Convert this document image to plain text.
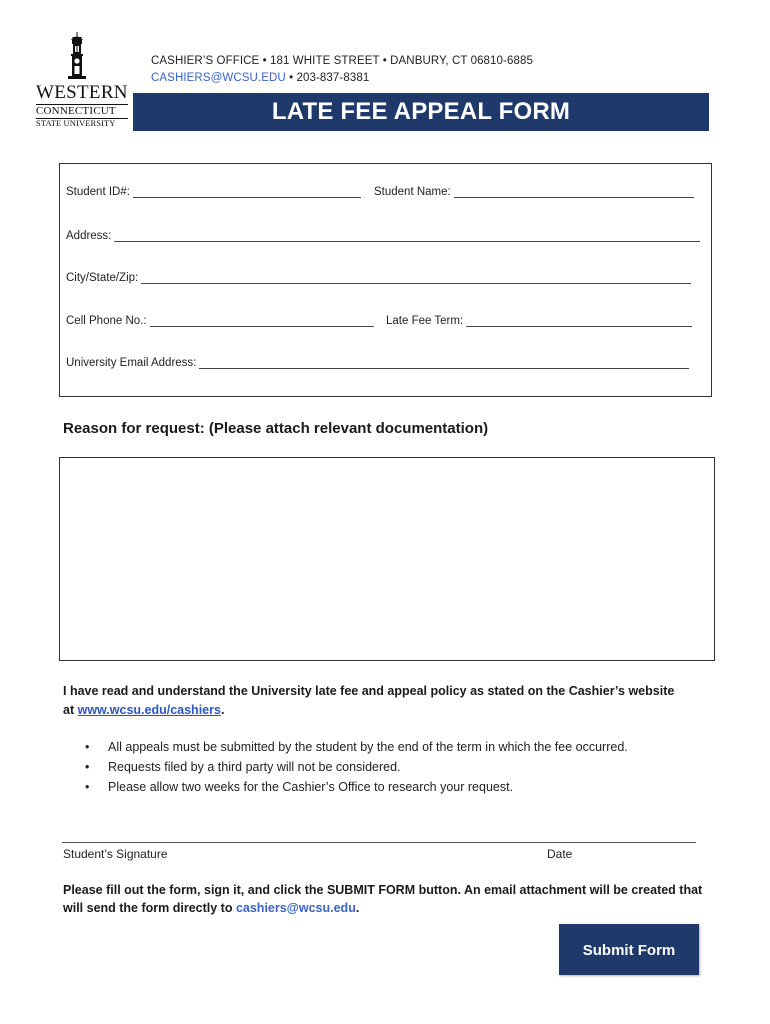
WESTERN
CONNECTICUT
STATE UNIVERSITY
CASHIER’S OFFICE • 181 WHITE STREET • DANBURY, CT 06810-6885
CASHIERS@WCSU.EDU • 203-837-8381
LATE FEE APPEAL FORM
Student ID#:	Student Name:
Address:
City/State/Zip:
Cell Phone No.:	Late Fee Term:
University Email Address:
Reason for request: (Please attach relevant documentation)
I have read and understand the University late fee and appeal policy as stated on the Cashier’s website at www.wcsu.edu/cashiers.
•	All appeals must be submitted by the student by the end of the term in which the fee occurred.
•	Requests filed by a third party will not be considered.
•	Please allow two weeks for the Cashier’s Office to research your request.
Student’s Signature	Date
Please fill out the form, sign it, and click the SUBMIT FORM button. An email attachment will be created that will send the form directly to cashiers@wcsu.edu.
Submit Form
